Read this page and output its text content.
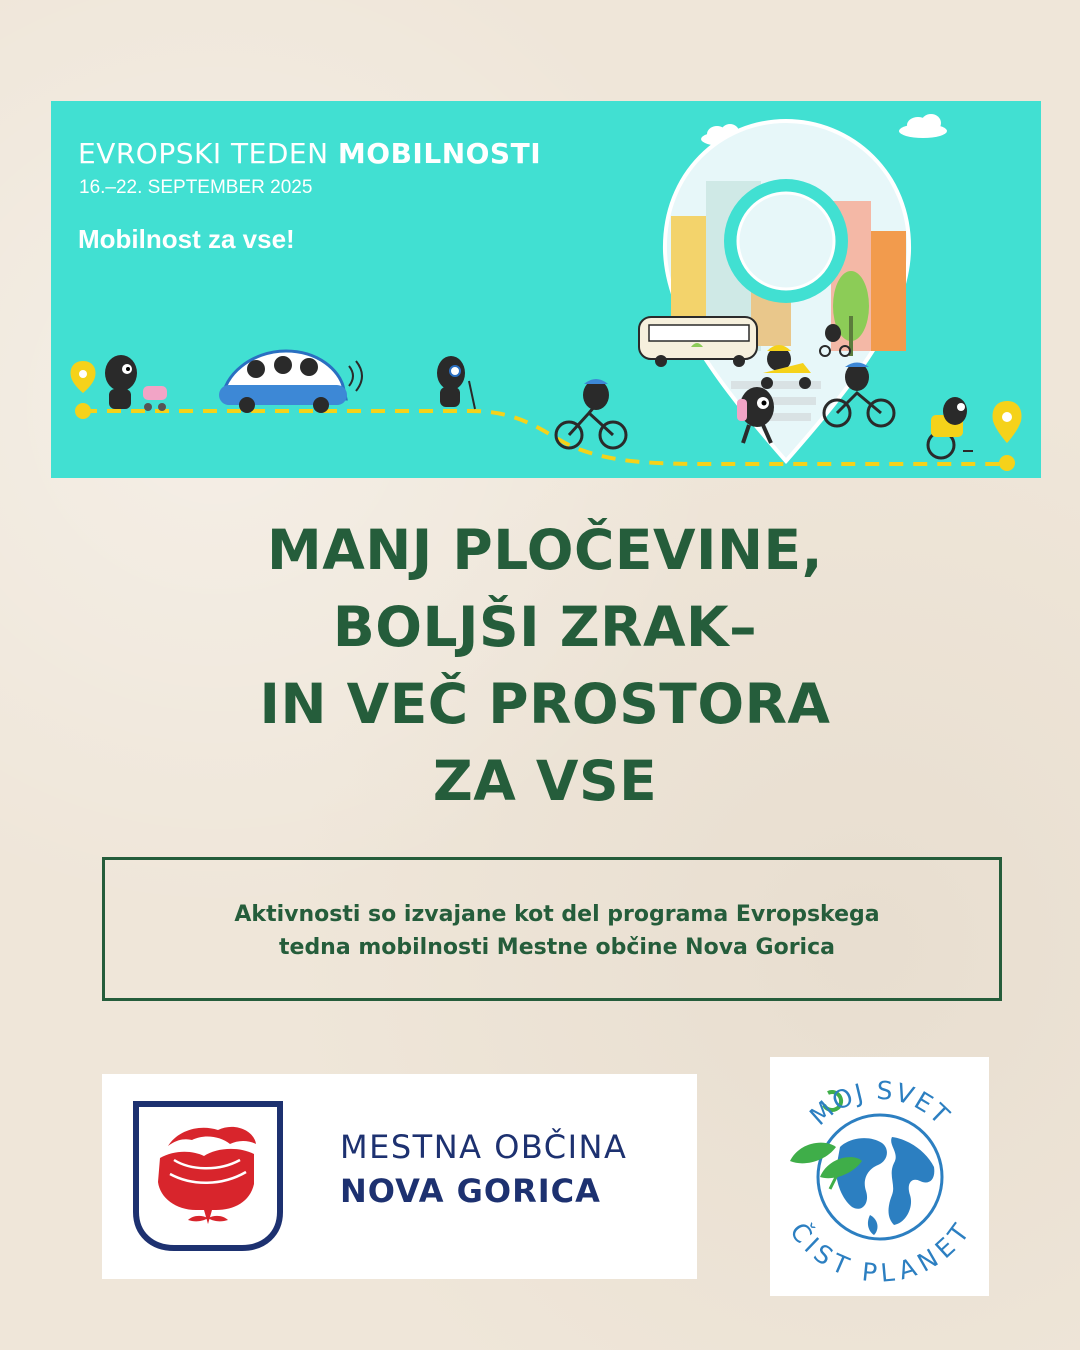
EVROPSKI TEDEN MOBILNOSTI
16.–22. SEPTEMBER 2025
Mobilnost za vse!
MANJ PLOČEVINE,
BOLJŠI ZRAK–
IN VEČ PROSTORA
ZA VSE
Aktivnosti so izvajane kot del programa Evropskega
tedna mobilnosti Mestne občine Nova Gorica
MESTNA OBČINA
NOVA GORICA
MOJ SVET
ČIST PLANET
